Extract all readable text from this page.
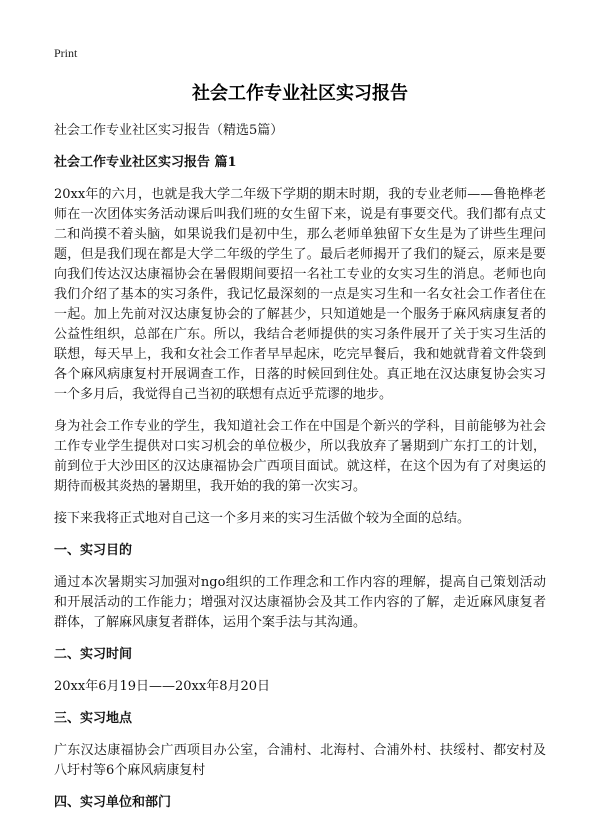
Print
社会工作专业社区实习报告

社会工作专业社区实习报告（精选5篇）

社会工作专业社区实习报告 篇1

20xx年的六月，也就是我大学二年级下学期的期末时期，我的专业老师——鲁艳桦老师在一次团体实务活动课后叫我们班的女生留下来，说是有事要交代。我们都有点丈二和尚摸不着头脑，如果说我们是初中生，那么老师单独留下女生是为了讲些生理问题，但是我们现在都是大学二年级的学生了。最后老师揭开了我们的疑云，原来是要向我们传达汉达康福协会在暑假期间要招一名社工专业的女实习生的消息。老师也向我们介绍了基本的实习条件，我记忆最深刻的一点是实习生和一名女社会工作者住在一起。加上先前对汉达康复协会的了解甚少，只知道她是一个服务于麻风病康复者的公益性组织，总部在广东。所以，我结合老师提供的实习条件展开了关于实习生活的联想，每天早上，我和女社会工作者早早起床，吃完早餐后，我和她就背着文件袋到各个麻风病康复村开展调查工作，日落的时候回到住处。真正地在汉达康复协会实习一个多月后，我觉得自己当初的联想有点近乎荒谬的地步。

身为社会工作专业的学生，我知道社会工作在中国是个新兴的学科，目前能够为社会工作专业学生提供对口实习机会的单位极少，所以我放弃了暑期到广东打工的计划，前到位于大沙田区的汉达康福协会广西项目面试。就这样，在这个因为有了对奥运的期待而极其炎热的暑期里，我开始的我的第一次实习。

接下来我将正式地对自己这一个多月来的实习生活做个较为全面的总结。

一、实习目的

通过本次暑期实习加强对ngo组织的工作理念和工作内容的理解，提高自己策划活动和开展活动的工作能力；增强对汉达康福协会及其工作内容的了解，走近麻风康复者群体，了解麻风康复者群体，运用个案手法与其沟通。

二、实习时间

20xx年6月19日——20xx年8月20日

三、实习地点

广东汉达康福协会广西项目办公室，合浦村、北海村、合浦外村、扶绥村、都安村及八圩村等6个麻风病康复村

四、实习单位和部门
